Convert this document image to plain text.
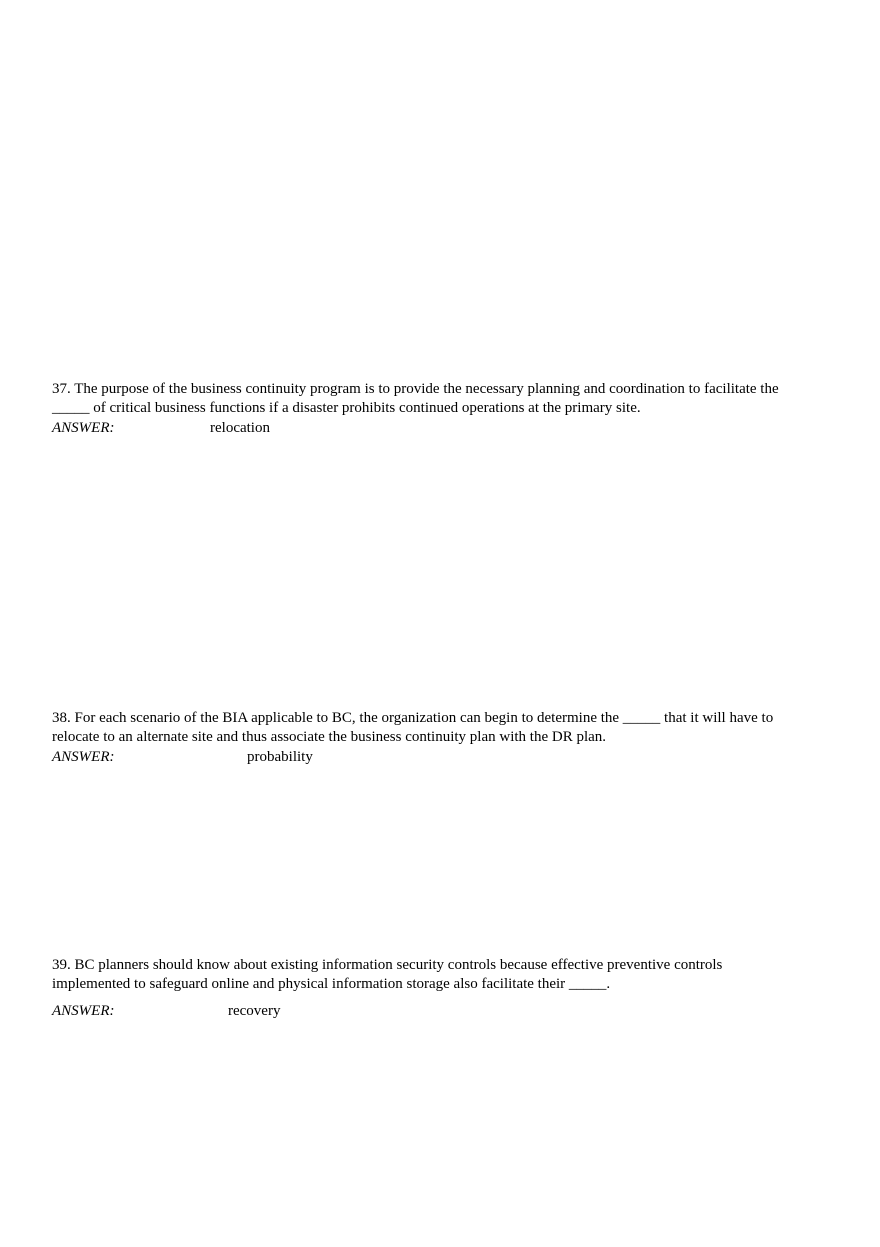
37. The purpose of the business continuity program is to provide the necessary planning and coordination to facilitate the
_____ of critical business functions if a disaster prohibits continued operations at the primary site.

ANSWER:	relocation

38. For each scenario of the BIA applicable to BC, the organization can begin to determine the _____ that it will have to
relocate to an alternate site and thus associate the business continuity plan with the DR plan.

ANSWER:	probability

39. BC planners should know about existing information security controls because effective preventive controls
implemented to safeguard online and physical information storage also facilitate their _____.

ANSWER:	recovery
